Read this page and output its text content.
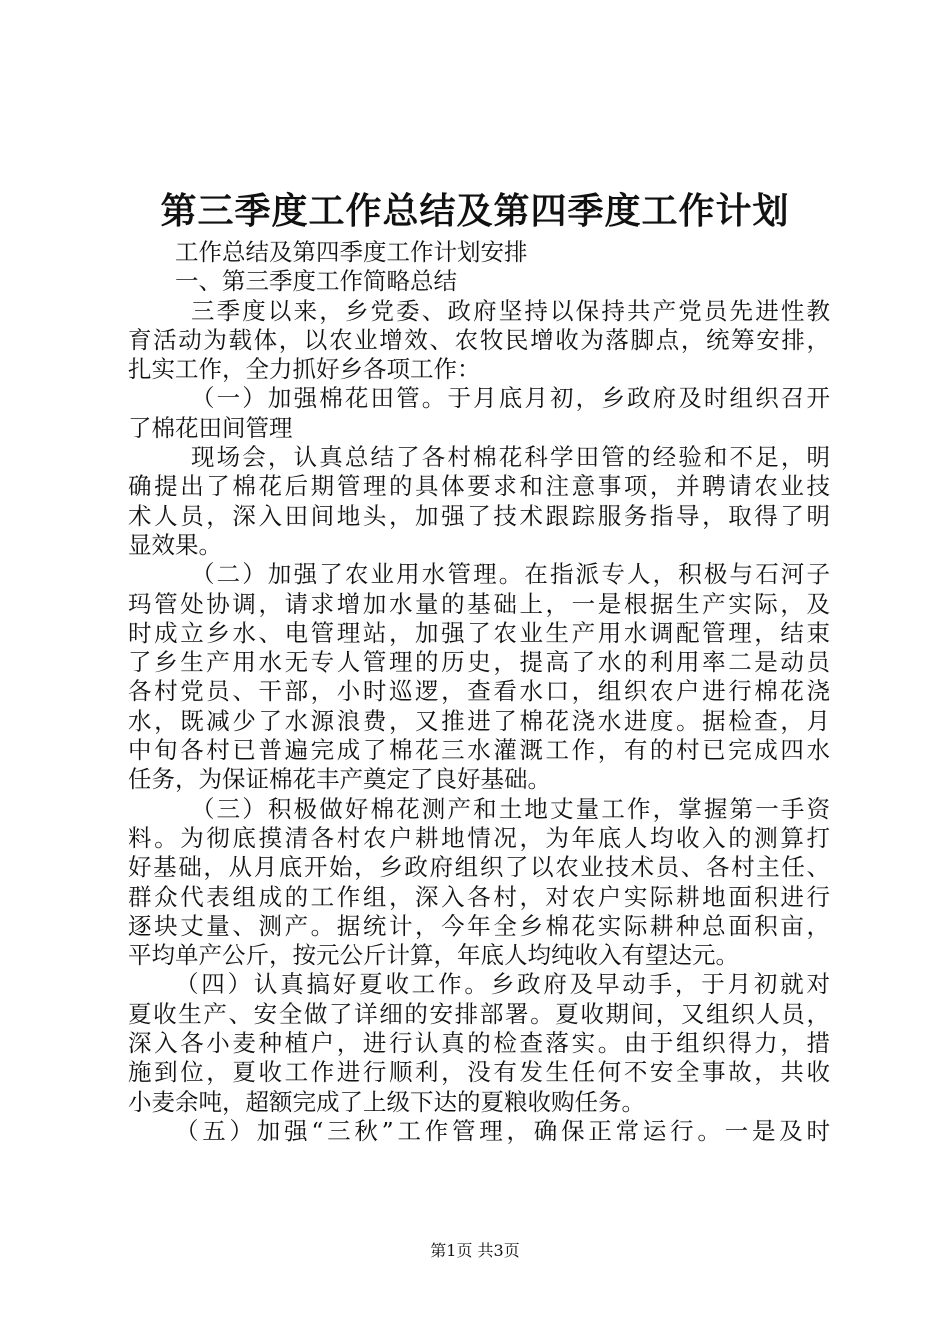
第三季度工作总结及第四季度工作计划
工作总结及第四季度工作计划安排
一、第三季度工作简略总结
三季度以来，乡党委、政府坚持以保持共产党员先进性教
育活动为载体，以农业增效、农牧民增收为落脚点，统筹安排，
扎实工作，全力抓好乡各项工作：
（一）加强棉花田管。于月底月初，乡政府及时组织召开
了棉花田间管理
现场会，认真总结了各村棉花科学田管的经验和不足，明
确提出了棉花后期管理的具体要求和注意事项，并聘请农业技
术人员，深入田间地头，加强了技术跟踪服务指导，取得了明
显效果。
（二）加强了农业用水管理。在指派专人，积极与石河子
玛管处协调，请求增加水量的基础上，一是根据生产实际，及
时成立乡水、电管理站，加强了农业生产用水调配管理，结束
了乡生产用水无专人管理的历史，提高了水的利用率二是动员
各村党员、干部，小时巡逻，查看水口，组织农户进行棉花浇
水，既减少了水源浪费，又推进了棉花浇水进度。据检查，月
中旬各村已普遍完成了棉花三水灌溉工作，有的村已完成四水
任务，为保证棉花丰产奠定了良好基础。
（三）积极做好棉花测产和土地丈量工作，掌握第一手资
料。为彻底摸清各村农户耕地情况，为年底人均收入的测算打
好基础，从月底开始，乡政府组织了以农业技术员、各村主任、
群众代表组成的工作组，深入各村，对农户实际耕地面积进行
逐块丈量、测产。据统计，今年全乡棉花实际耕种总面积亩，
平均单产公斤，按元公斤计算，年底人均纯收入有望达元。
（四）认真搞好夏收工作。乡政府及早动手，于月初就对
夏收生产、安全做了详细的安排部署。夏收期间，又组织人员，
深入各小麦种植户，进行认真的检查落实。由于组织得力，措
施到位，夏收工作进行顺利，没有发生任何不安全事故，共收
小麦余吨，超额完成了上级下达的夏粮收购任务。
（五）加强“三秋”工作管理，确保正常运行。一是及时
第1页 共3页
